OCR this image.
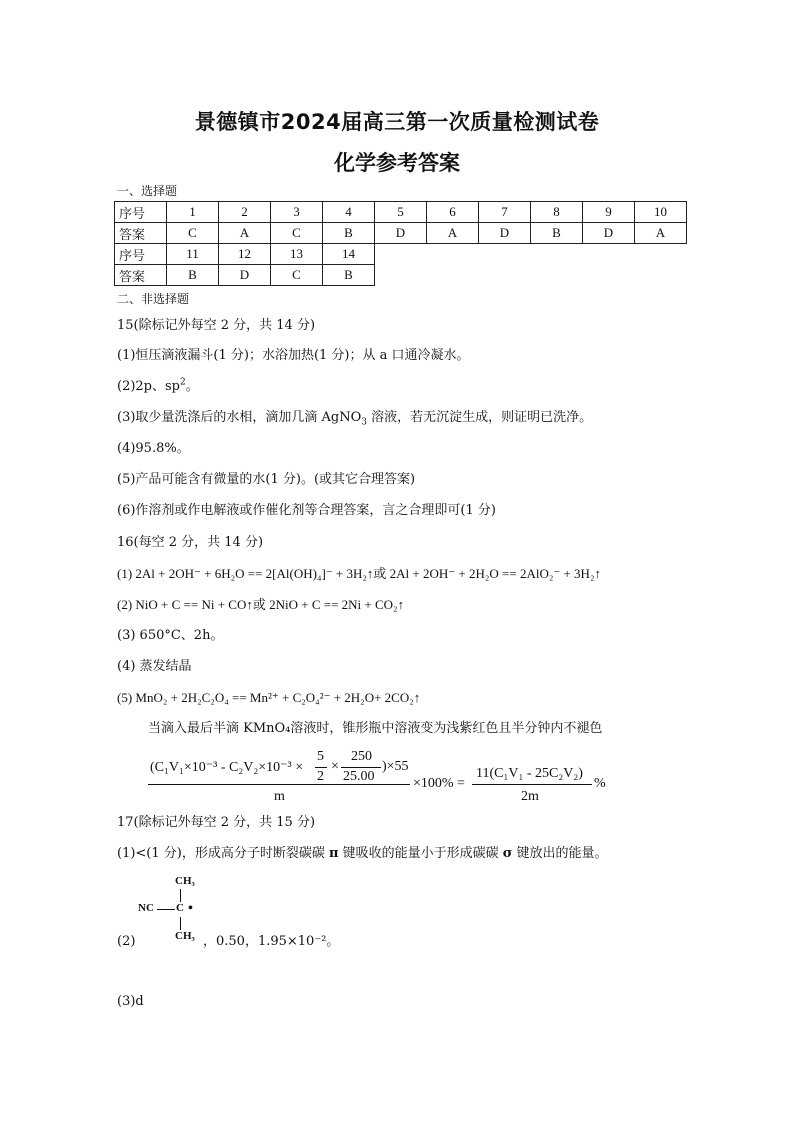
景德镇市2024届高三第一次质量检测试卷
化学参考答案
一、选择题
序号	1	2	3	4	5	6	7	8	9	10
答案	C	A	C	B	D	A	D	B	D	A
序号	11	12	13	14						
答案	B	D	C	B						
二、非选择题
15(除标记外每空 2 分，共 14 分)
(1)恒压滴液漏斗(1 分)；水浴加热(1 分)；从 a 口通冷凝水。
(2)2p、$sp^2$。
(3)取少量洗涤后的水相，滴加几滴 AgNO$_3$ 溶液，若无沉淀生成，则证明已洗净。
(4)95.8%。
(5)产品可能含有微量的水(1 分)。(或其它合理答案)
(6)作溶剂或作电解液或作催化剂等合理答案，言之合理即可(1 分)
16(每空 2 分，共 14 分)
(1) 2Al + 2OH⁻ + 6H₂O == 2[Al(OH)₄]⁻ + 3H₂↑或 2Al + 2OH⁻ + 2H₂O == 2AlO₂⁻ + 3H₂↑
(2) NiO + C == Ni + CO↑或 2NiO + C == 2Ni + CO₂↑
(3) 650°C、2h。
(4) 蒸发结晶
(5) MnO₂ + 2H₂C₂O₄ == Mn²⁺ + C₂O₄²⁻ + 2H₂O+ 2CO₂↑
当滴入最后半滴 KMnO₄溶液时，锥形瓶中溶液变为浅紫红色且半分钟内不褪色
(C₁V₁×10⁻³ - C₂V₂×10⁻³ ×
5
2
×
250
25.00
)×55
m
×100% =
11(C₁V₁ - 25C₂V₂)
2m
%
17(除标记外每空 2 分，共 15 分)
(1)<(1 分)，形成高分子时断裂碳碳 π 键吸收的能量小于形成碳碳 σ 键放出的能量。
CH₃
NC C •
CH₃
(2)	，0.50，1.95×10⁻²。
(3)d
